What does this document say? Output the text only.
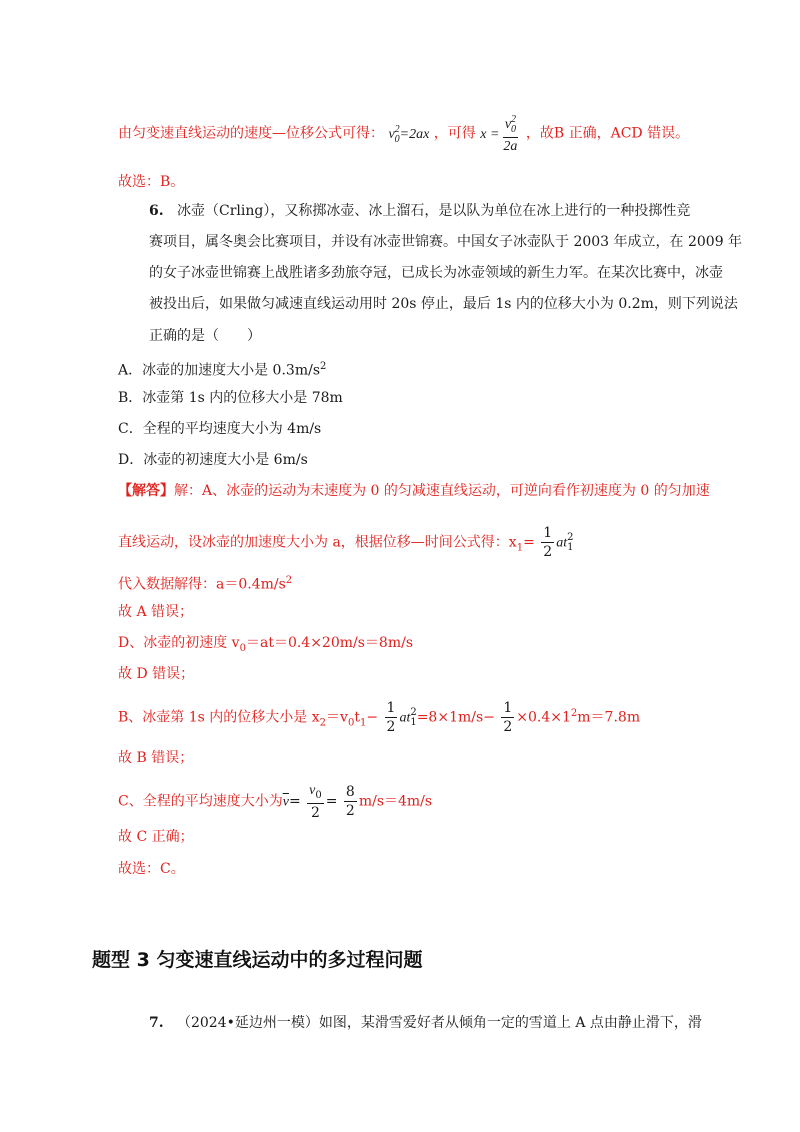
由匀变速直线运动的速度—位移公式可得： v 2
0 =2ax ，可得 x = v 2
0
2a ，故B 正确，ACD 错误。
故选：B。
6. 冰壶（Crling），又称掷冰壶、冰上溜石，是以队为单位在冰上进行的一种投掷性竞
赛项目，属冬奥会比赛项目，并设有冰壶世锦赛。中国女子冰壶队于 2003 年成立，在 2009 年
的女子冰壶世锦赛上战胜诸多劲旅夺冠，已成长为冰壶领域的新生力军。在某次比赛中，冰壶
被投出后，如果做匀减速直线运动用时 20s 停止，最后 1s 内的位移大小为 0.2m，则下列说法
正确的是（　　）
A．冰壶的加速度大小是 $0.3m/s^2$
B．冰壶第 1s 内的位移大小是 78m
C．全程的平均速度大小为 4m/s
D．冰壶的初速度大小是 6m/s
【解答】解：A、冰壶的运动为末速度为 0 的匀减速直线运动，可逆向看作初速度为 0 的匀加速
直线运动，设冰壶的加速度大小为 a，根据位移—时间公式得：$x_1= \frac{1}{2}$ at 2
1
代入数据解得：$a=0.4m/s^2$
故 A 错误；
D、冰壶的初速度 $v_0=at=0.4\times 20m/s=8m/s$
故 D 错误；
B、冰壶第 1s 内的位移大小是 $x_2=v_0t_1- \frac{1}{2}$ at 2
$1 =8\times 1m/s- \frac{1}{2} \times 0.4\times 1^2m=7.8m$
故 B 错误；
C、全程的平均速度大小为$\overline{v}= \frac{v_0}{2} = \frac{8}{2} m/s=4m/s$
故 C 正确；
故选：C。
题型 3 匀变速直线运动中的多过程问题
7. （2024•延边州一模）如图，某滑雪爱好者从倾角一定的雪道上 A 点由静止滑下，滑
